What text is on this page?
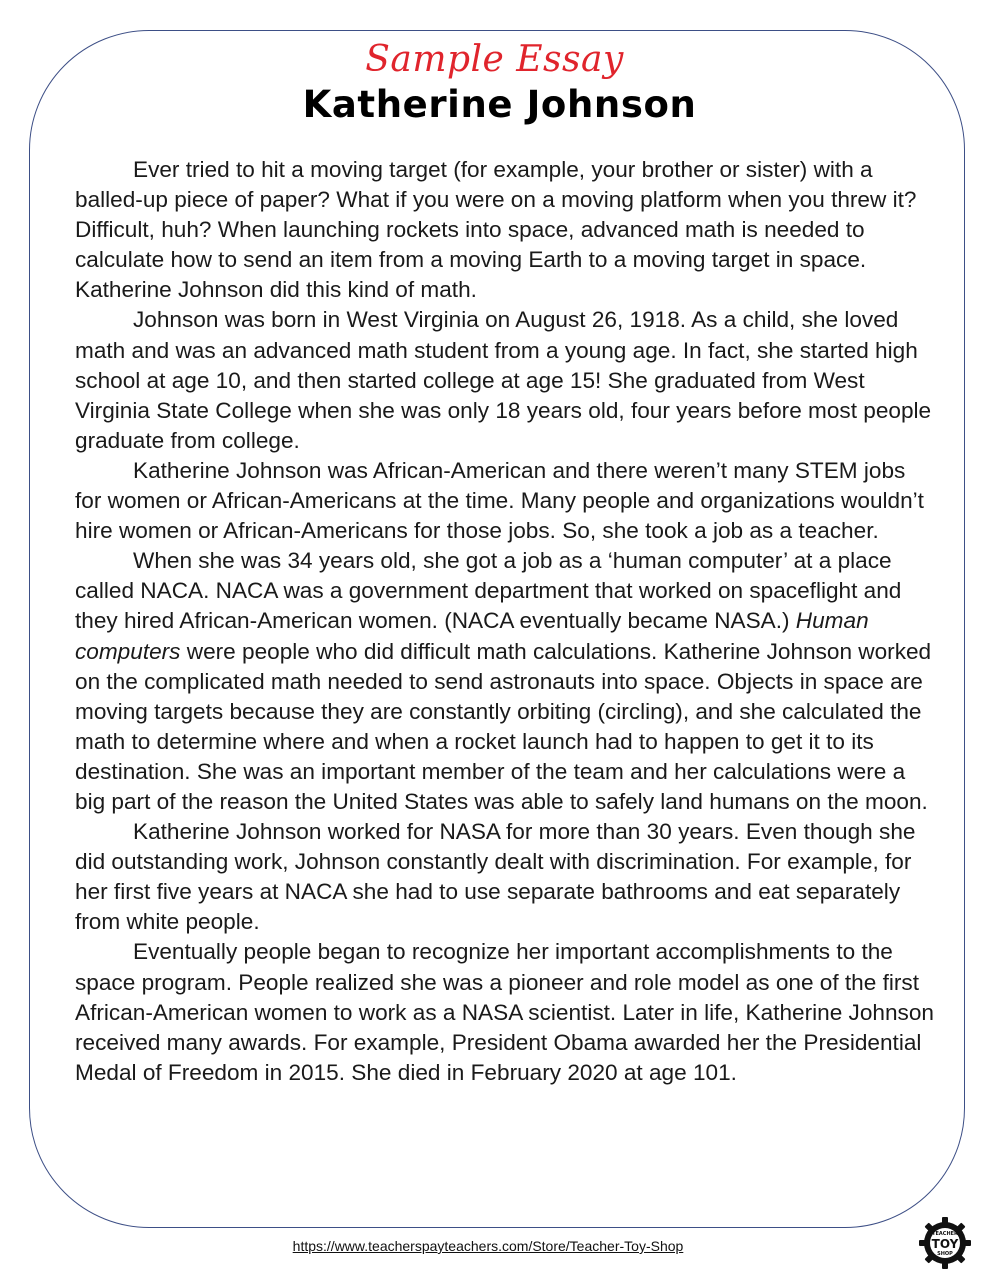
Sample Essay
Katherine Johnson

Ever tried to hit a moving target (for example, your brother or sister) with a balled-up piece of paper? What if you were on a moving platform when you threw it? Difficult, huh? When launching rockets into space, advanced math is needed to calculate how to send an item from a moving Earth to a moving target in space. Katherine Johnson did this kind of math.

Johnson was born in West Virginia on August 26, 1918. As a child, she loved math and was an advanced math student from a young age. In fact, she started high school at age 10, and then started college at age 15! She graduated from West Virginia State College when she was only 18 years old, four years before most people graduate from college.

Katherine Johnson was African-American and there weren’t many STEM jobs for women or African-Americans at the time. Many people and organizations wouldn’t hire women or African-Americans for those jobs. So, she took a job as a teacher.

When she was 34 years old, she got a job as a ‘human computer’ at a place called NACA. NACA was a government department that worked on spaceflight and they hired African-American women. (NACA eventually became NASA.) Human computers were people who did difficult math calculations. Katherine Johnson worked on the complicated math needed to send astronauts into space. Objects in space are moving targets because they are constantly orbiting (circling), and she calculated the math to determine where and when a rocket launch had to happen to get it to its destination. She was an important member of the team and her calculations were a big part of the reason the United States was able to safely land humans on the moon.

Katherine Johnson worked for NASA for more than 30 years. Even though she did outstanding work, Johnson constantly dealt with discrimination. For example, for her first five years at NACA she had to use separate bathrooms and eat separately from white people.

Eventually people began to recognize her important accomplishments to the space program. People realized she was a pioneer and role model as one of the first African-American women to work as a NASA scientist. Later in life, Katherine Johnson received many awards. For example, President Obama awarded her the Presidential Medal of Freedom in 2015. She died in February 2020 at age 101.

https://www.teacherspayteachers.com/Store/Teacher-Toy-Shop
TEACHER
TOY
SHOP
